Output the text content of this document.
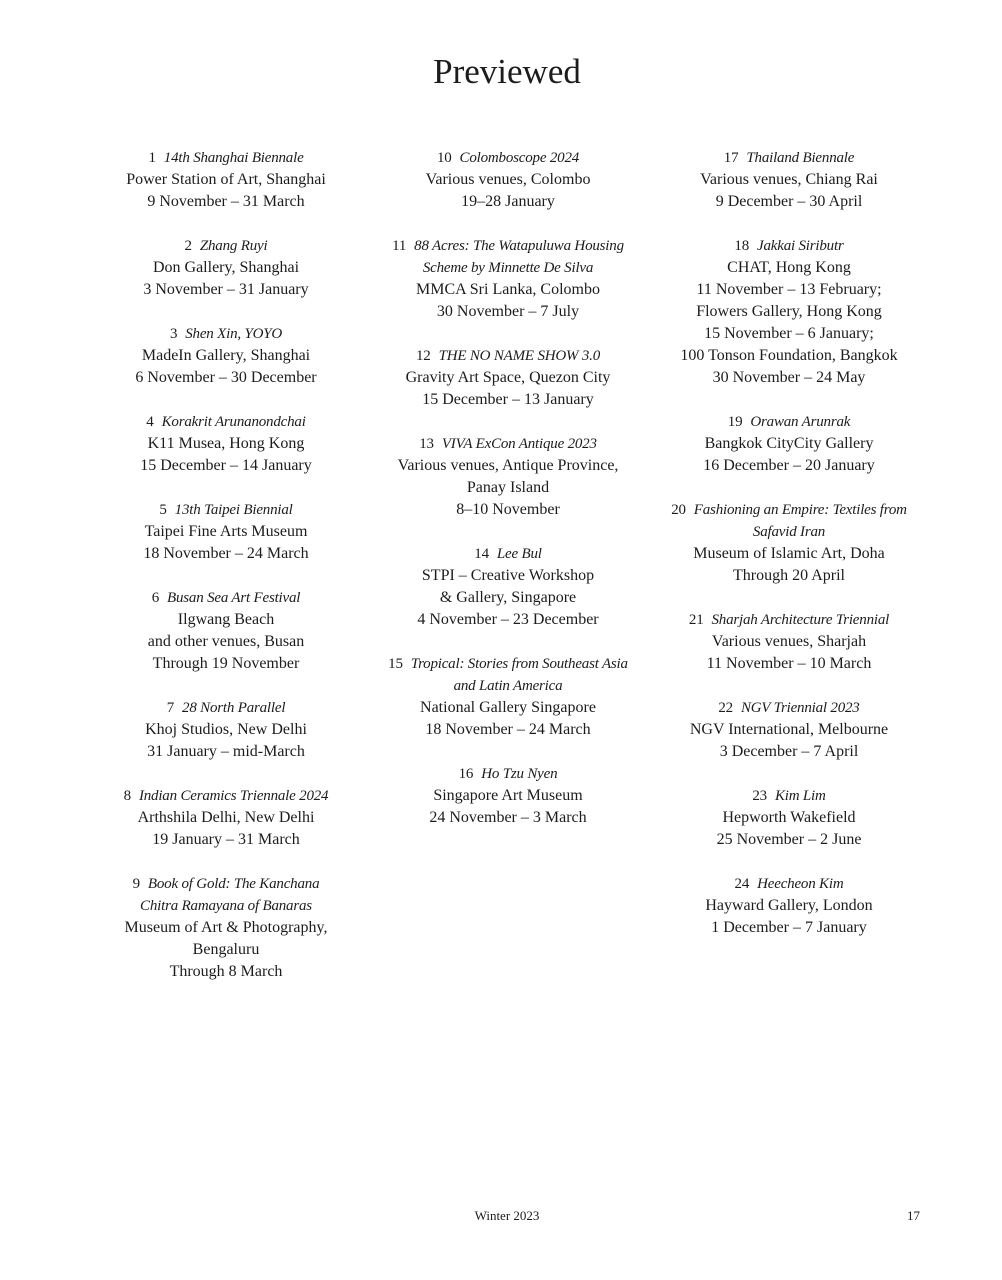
Previewed
1 14th Shanghai Biennale
Power Station of Art, Shanghai
9 November – 31 March
2 Zhang Ruyi
Don Gallery, Shanghai
3 November – 31 January
3 Shen Xin, YOYO
MadeIn Gallery, Shanghai
6 November – 30 December
4 Korakrit Arunanondchai
K11 Musea, Hong Kong
15 December – 14 January
5 13th Taipei Biennial
Taipei Fine Arts Museum
18 November – 24 March
6 Busan Sea Art Festival
Ilgwang Beach
and other venues, Busan
Through 19 November
7 28 North Parallel
Khoj Studios, New Delhi
31 January – mid-March
8 Indian Ceramics Triennale 2024
Arthshila Delhi, New Delhi
19 January – 31 March
9 Book of Gold: The Kanchana
Chitra Ramayana of Banaras
Museum of Art & Photography,
Bengaluru
Through 8 March
10 Colomboscope 2024
Various venues, Colombo
19–28 January
11 88 Acres: The Watapuluwa Housing
Scheme by Minnette De Silva
MMCA Sri Lanka, Colombo
30 November – 7 July
12 THE NO NAME SHOW 3.0
Gravity Art Space, Quezon City
15 December – 13 January
13 VIVA ExCon Antique 2023
Various venues, Antique Province,
Panay Island
8–10 November
14 Lee Bul
STPI – Creative Workshop
& Gallery, Singapore
4 November – 23 December
15 Tropical: Stories from Southeast Asia
and Latin America
National Gallery Singapore
18 November – 24 March
16 Ho Tzu Nyen
Singapore Art Museum
24 November – 3 March
17 Thailand Biennale
Various venues, Chiang Rai
9 December – 30 April
18 Jakkai Siributr
CHAT, Hong Kong
11 November – 13 February;
Flowers Gallery, Hong Kong
15 November – 6 January;
100 Tonson Foundation, Bangkok
30 November – 24 May
19 Orawan Arunrak
Bangkok CityCity Gallery
16 December – 20 January
20 Fashioning an Empire: Textiles from
Safavid Iran
Museum of Islamic Art, Doha
Through 20 April
21 Sharjah Architecture Triennial
Various venues, Sharjah
11 November – 10 March
22 NGV Triennial 2023
NGV International, Melbourne
3 December – 7 April
23 Kim Lim
Hepworth Wakefield
25 November – 2 June
24 Heecheon Kim
Hayward Gallery, London
1 December – 7 January
Winter 2023	17
